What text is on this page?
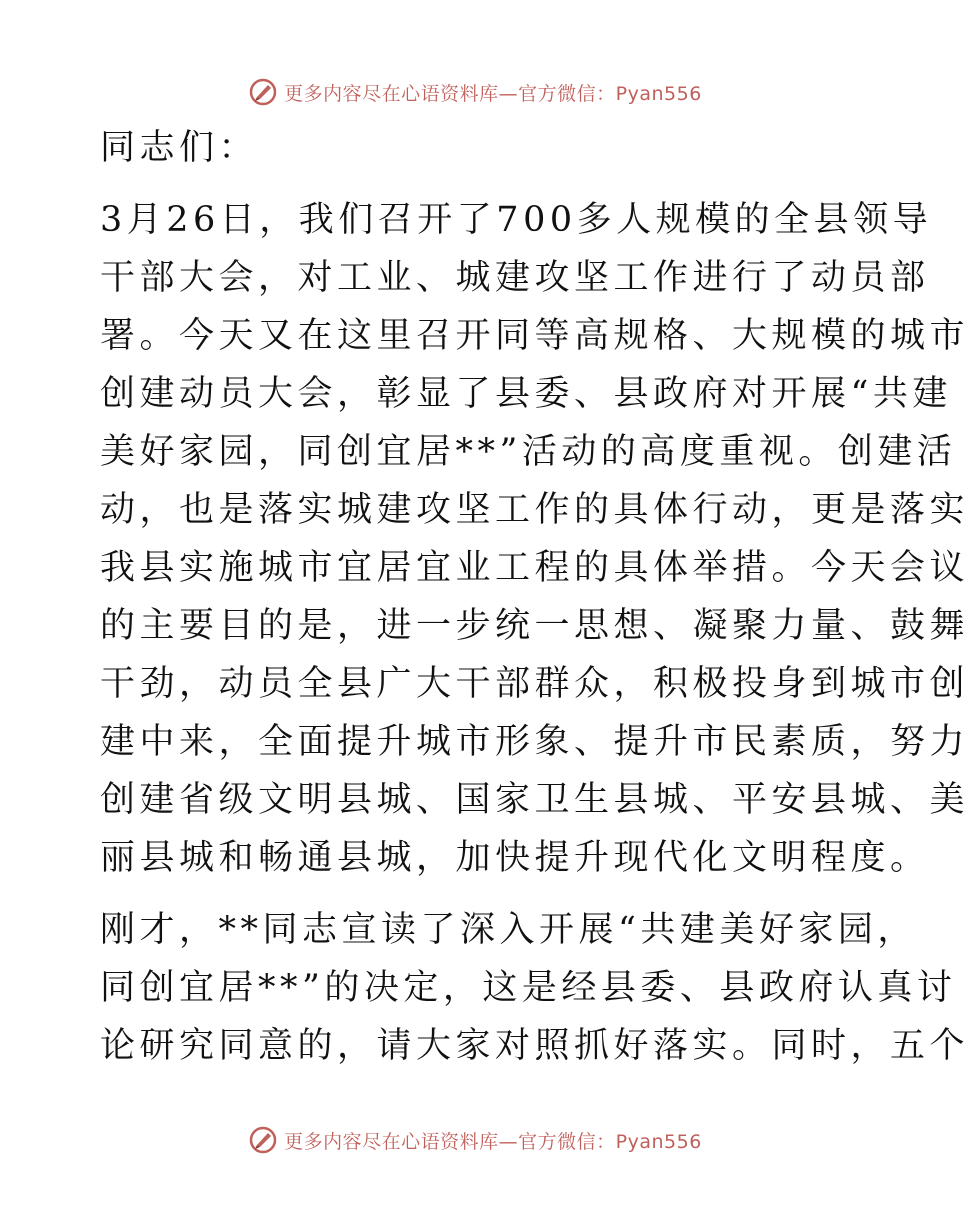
更多内容尽在心语资料库—官方微信：Pyan556
同志们：
3月26日，我们召开了700多人规模的全县领导
干部大会，对工业、城建攻坚工作进行了动员部
署。今天又在这里召开同等高规格、大规模的城市
创建动员大会，彰显了县委、县政府对开展“共建
美好家园，同创宜居**”活动的高度重视。创建活
动，也是落实城建攻坚工作的具体行动，更是落实
我县实施城市宜居宜业工程的具体举措。今天会议
的主要目的是，进一步统一思想、凝聚力量、鼓舞
干劲，动员全县广大干部群众，积极投身到城市创
建中来，全面提升城市形象、提升市民素质，努力
创建省级文明县城、国家卫生县城、平安县城、美
丽县城和畅通县城，加快提升现代化文明程度。
刚才，**同志宣读了深入开展“共建美好家园，
同创宜居**”的决定，这是经县委、县政府认真讨
论研究同意的，请大家对照抓好落实。同时，五个
更多内容尽在心语资料库—官方微信：Pyan556
